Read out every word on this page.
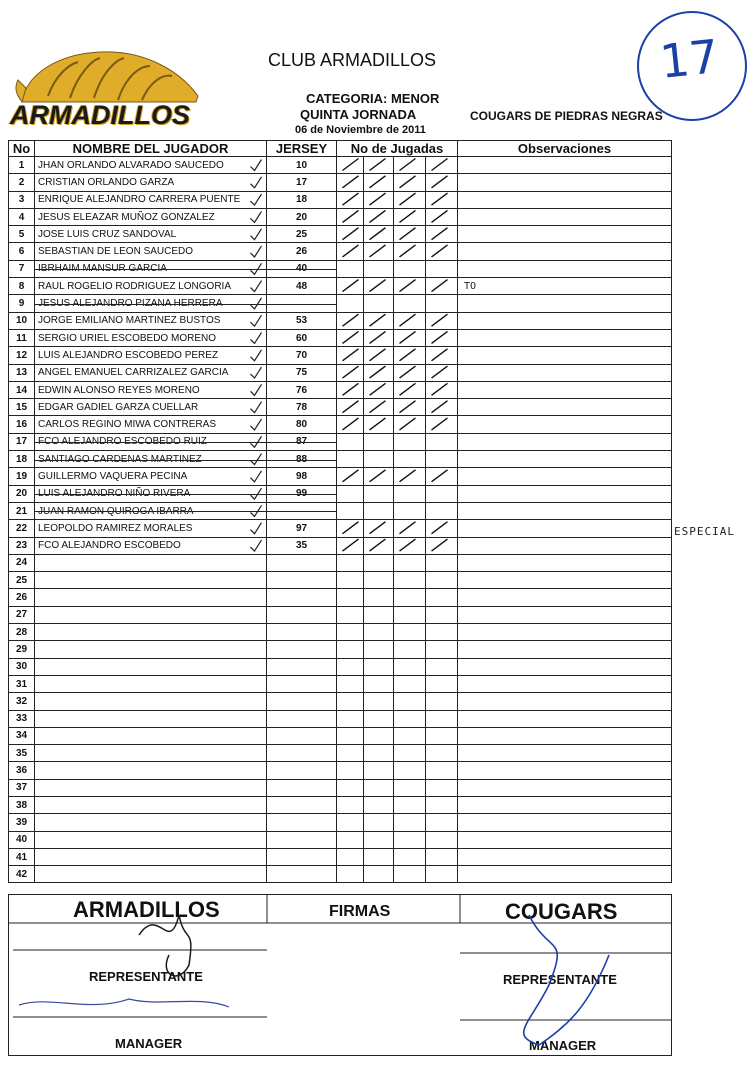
ARMADILLOS
CLUB ARMADILLOS
CATEGORIA: MENOR
QUINTA JORNADA
06 de Noviembre de 2011
COUGARS DE PIEDRAS NEGRAS
17
No	NOMBRE DEL JUGADOR	JERSEY	No de Jugadas				Observaciones
1	JHAN ORLANDO ALVARADO SAUCEDO	10					
2	CRISTIAN ORLANDO GARZA	17					
3	ENRIQUE ALEJANDRO CARRERA PUENTE	18					
4	JESUS ELEAZAR MUÑOZ GONZALEZ	20					
5	JOSE LUIS CRUZ SANDOVAL	25					
6	SEBASTIAN DE LEON SAUCEDO	26					
7	IBRHAIM MANSUR GARCIA	40					
8	RAUL ROGELIO RODRIGUEZ LONGORIA	48					TO
9	JESUS ALEJANDRO PIZANA HERRERA						
10	JORGE EMILIANO MARTINEZ BUSTOS	53					
11	SERGIO URIEL ESCOBEDO MORENO	60					
12	LUIS ALEJANDRO ESCOBEDO PEREZ	70					
13	ANGEL EMANUEL CARRIZALEZ GARCIA	75					
14	EDWIN ALONSO REYES MORENO	76					
15	EDGAR GADIEL GARZA CUELLAR	78					
16	CARLOS REGINO MIWA CONTRERAS	80					
17	FCO ALEJANDRO ESCOBEDO RUIZ	87					
18	SANTIAGO CARDENAS MARTINEZ	88					
19	GUILLERMO VAQUERA PECINA	98					
20	LUIS ALEJANDRO NIÑO RIVERA	99					
21	JUAN RAMON QUIROGA IBARRA						
22	LEOPOLDO RAMIREZ MORALES	97					
23	FCO ALEJANDRO ESCOBEDO	35					
24							
25							
26							
27							
28							
29							
30							
31							
32							
33							
34							
35							
36							
37							
38							
39							
40							
41							
42							
ESPECIAL
ARMADILLOS	FIRMAS	COUGARS
REPRESENTANTE	REPRESENTANTE
MANAGER	MANAGER
